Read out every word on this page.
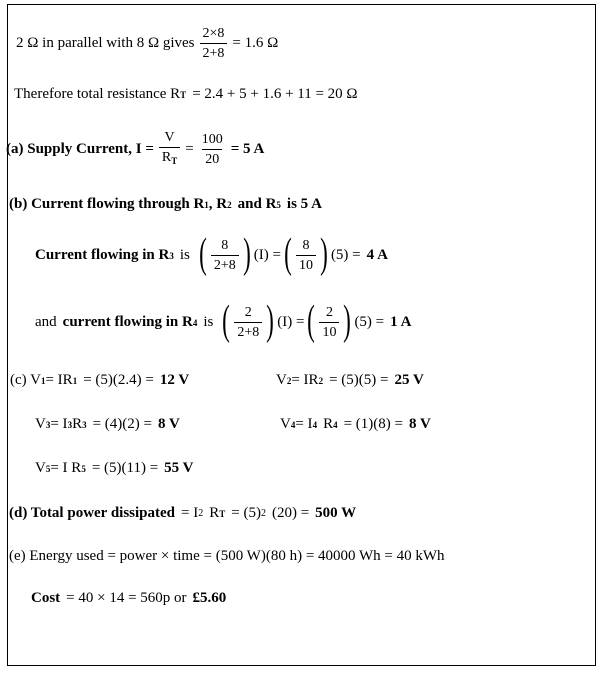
2 Ω in parallel with 8 Ω gives $\frac{2\times 8}{2+8} = 1.6$ Ω
Therefore total resistance R T = 2.4 + 5 + 1.6 + 11 = 20 Ω
(a) Supply Current, $I = \frac{V}{R_T} = \frac{100}{20} = 5$ A
(b) Current flowing through R 1 , R 2 and R 5 is 5 A
Current flowing in R 3 is ( $\frac{8}{2+8}$ ) (I) = ( $\frac{8}{10}$ ) (5) = 4 A
and current flowing in R 4 is ( $\frac{2}{2+8}$ ) (I) = ( $\frac{2}{10}$ ) (5) = 1 A
(c) V 1 = IR 1 = (5)(2.4) = 12 V	V 2 = IR 2 = (5)(5) = 25 V
V 3 = I 3 R 3 = (4)(2) = 8 V	V 4 = I 4 R 4 = (1)(8) = 8 V
V 5 = I R 5 = (5)(11) = 55 V
(d) Total power dissipated = I 2 R T = (5) 2 (20) = 500 W
(e) Energy used = power × time = (500 W)(80 h) = 40000 Wh = 40 kWh
Cost = 40 × 14 = 560p or £5.60
